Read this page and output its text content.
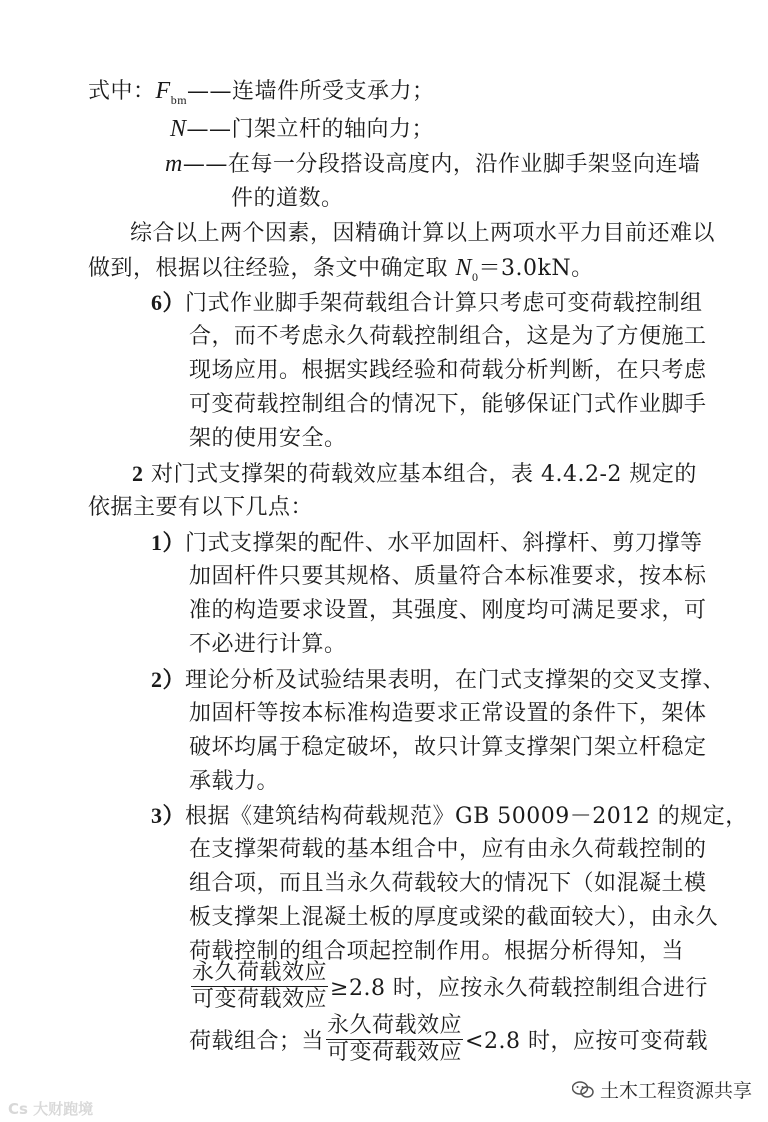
式中：$F_{bm}——$连墙件所受支承力；
N——门架立杆的轴向力；
m——在每一分段搭设高度内，沿作业脚手架竖向连墙
件的道数。
综合以上两个因素，因精确计算以上两项水平力目前还难以
做到，根据以往经验，条文中确定取 $N_0=3.0kN$。
6）门式作业脚手架荷载组合计算只考虑可变荷载控制组
合，而不考虑永久荷载控制组合，这是为了方便施工
现场应用。根据实践经验和荷载分析判断，在只考虑
可变荷载控制组合的情况下，能够保证门式作业脚手
架的使用安全。
2 对门式支撑架的荷载效应基本组合，表 4.4.2-2 规定的
依据主要有以下几点：
1）门式支撑架的配件、水平加固杆、斜撑杆、剪刀撑等
加固杆件只要其规格、质量符合本标准要求，按本标
准的构造要求设置，其强度、刚度均可满足要求，可
不必进行计算。
2）理论分析及试验结果表明，在门式支撑架的交叉支撑、
加固杆等按本标准构造要求正常设置的条件下，架体
破坏均属于稳定破坏，故只计算支撑架门架立杆稳定
承载力。
3）根据《建筑结构荷载规范》GB 50009－2012 的规定，
在支撑架荷载的基本组合中，应有由永久荷载控制的
组合项，而且当永久荷载较大的情况下（如混凝土模
板支撑架上混凝土板的厚度或梁的截面较大），由永久
荷载控制的组合项起控制作用。根据分析得知，当
$\frac{\text{永久荷载效应}}{\text{可变荷载效应}} \ge 2.8$ 时，应按永久荷载控制组合进行
荷载组合；当 $\frac{\text{永久荷载效应}}{\text{可变荷载效应}} <2.8$ 时，应按可变荷载
Cs 大财跑境
土木工程资源共享
